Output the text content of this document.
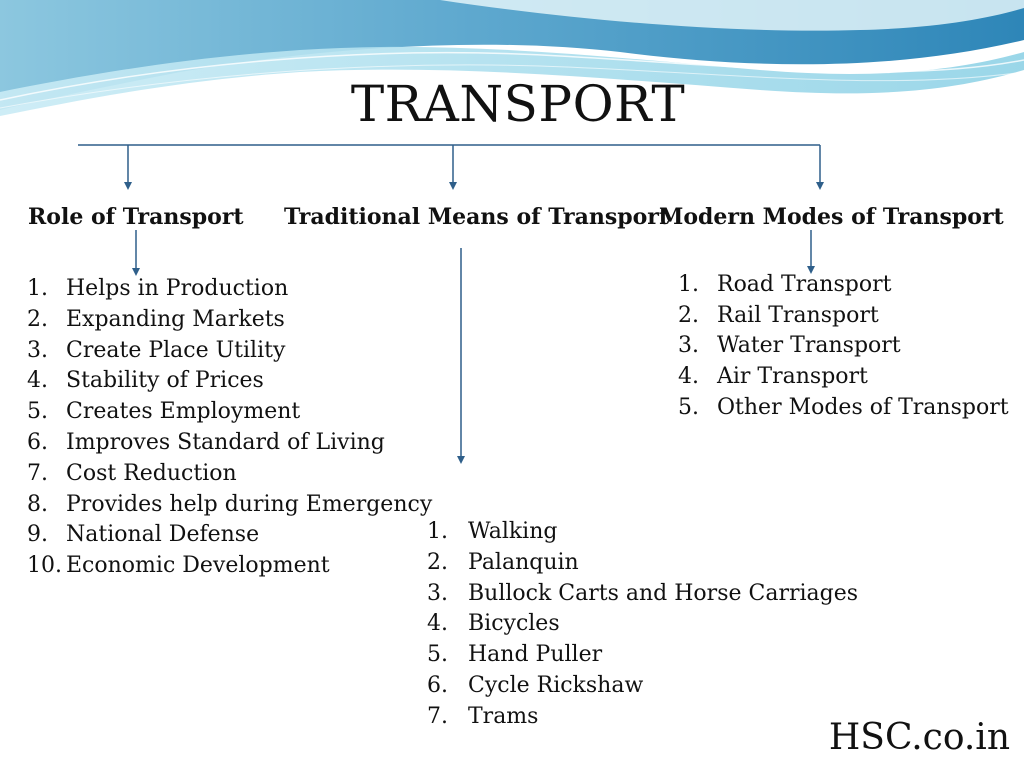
TRANSPORT
Role of Transport Traditional Means of Transport
Modern Modes of Transport
1. Helps in Production
2. Expanding Markets
3. Create Place Utility
4. Stability of Prices
5. Creates Employment
6. Improves Standard of Living
7. Cost Reduction
8. Provides help during Emergency
9. National Defense
10. Economic Development
1. Road Transport
2. Rail Transport
3. Water Transport
4. Air Transport
5. Other Modes of Transport
1. Walking
2. Palanquin
3. Bullock Carts and Horse Carriages
4. Bicycles
5. Hand Puller
6. Cycle Rickshaw
7. Trams
HSC.co.in
